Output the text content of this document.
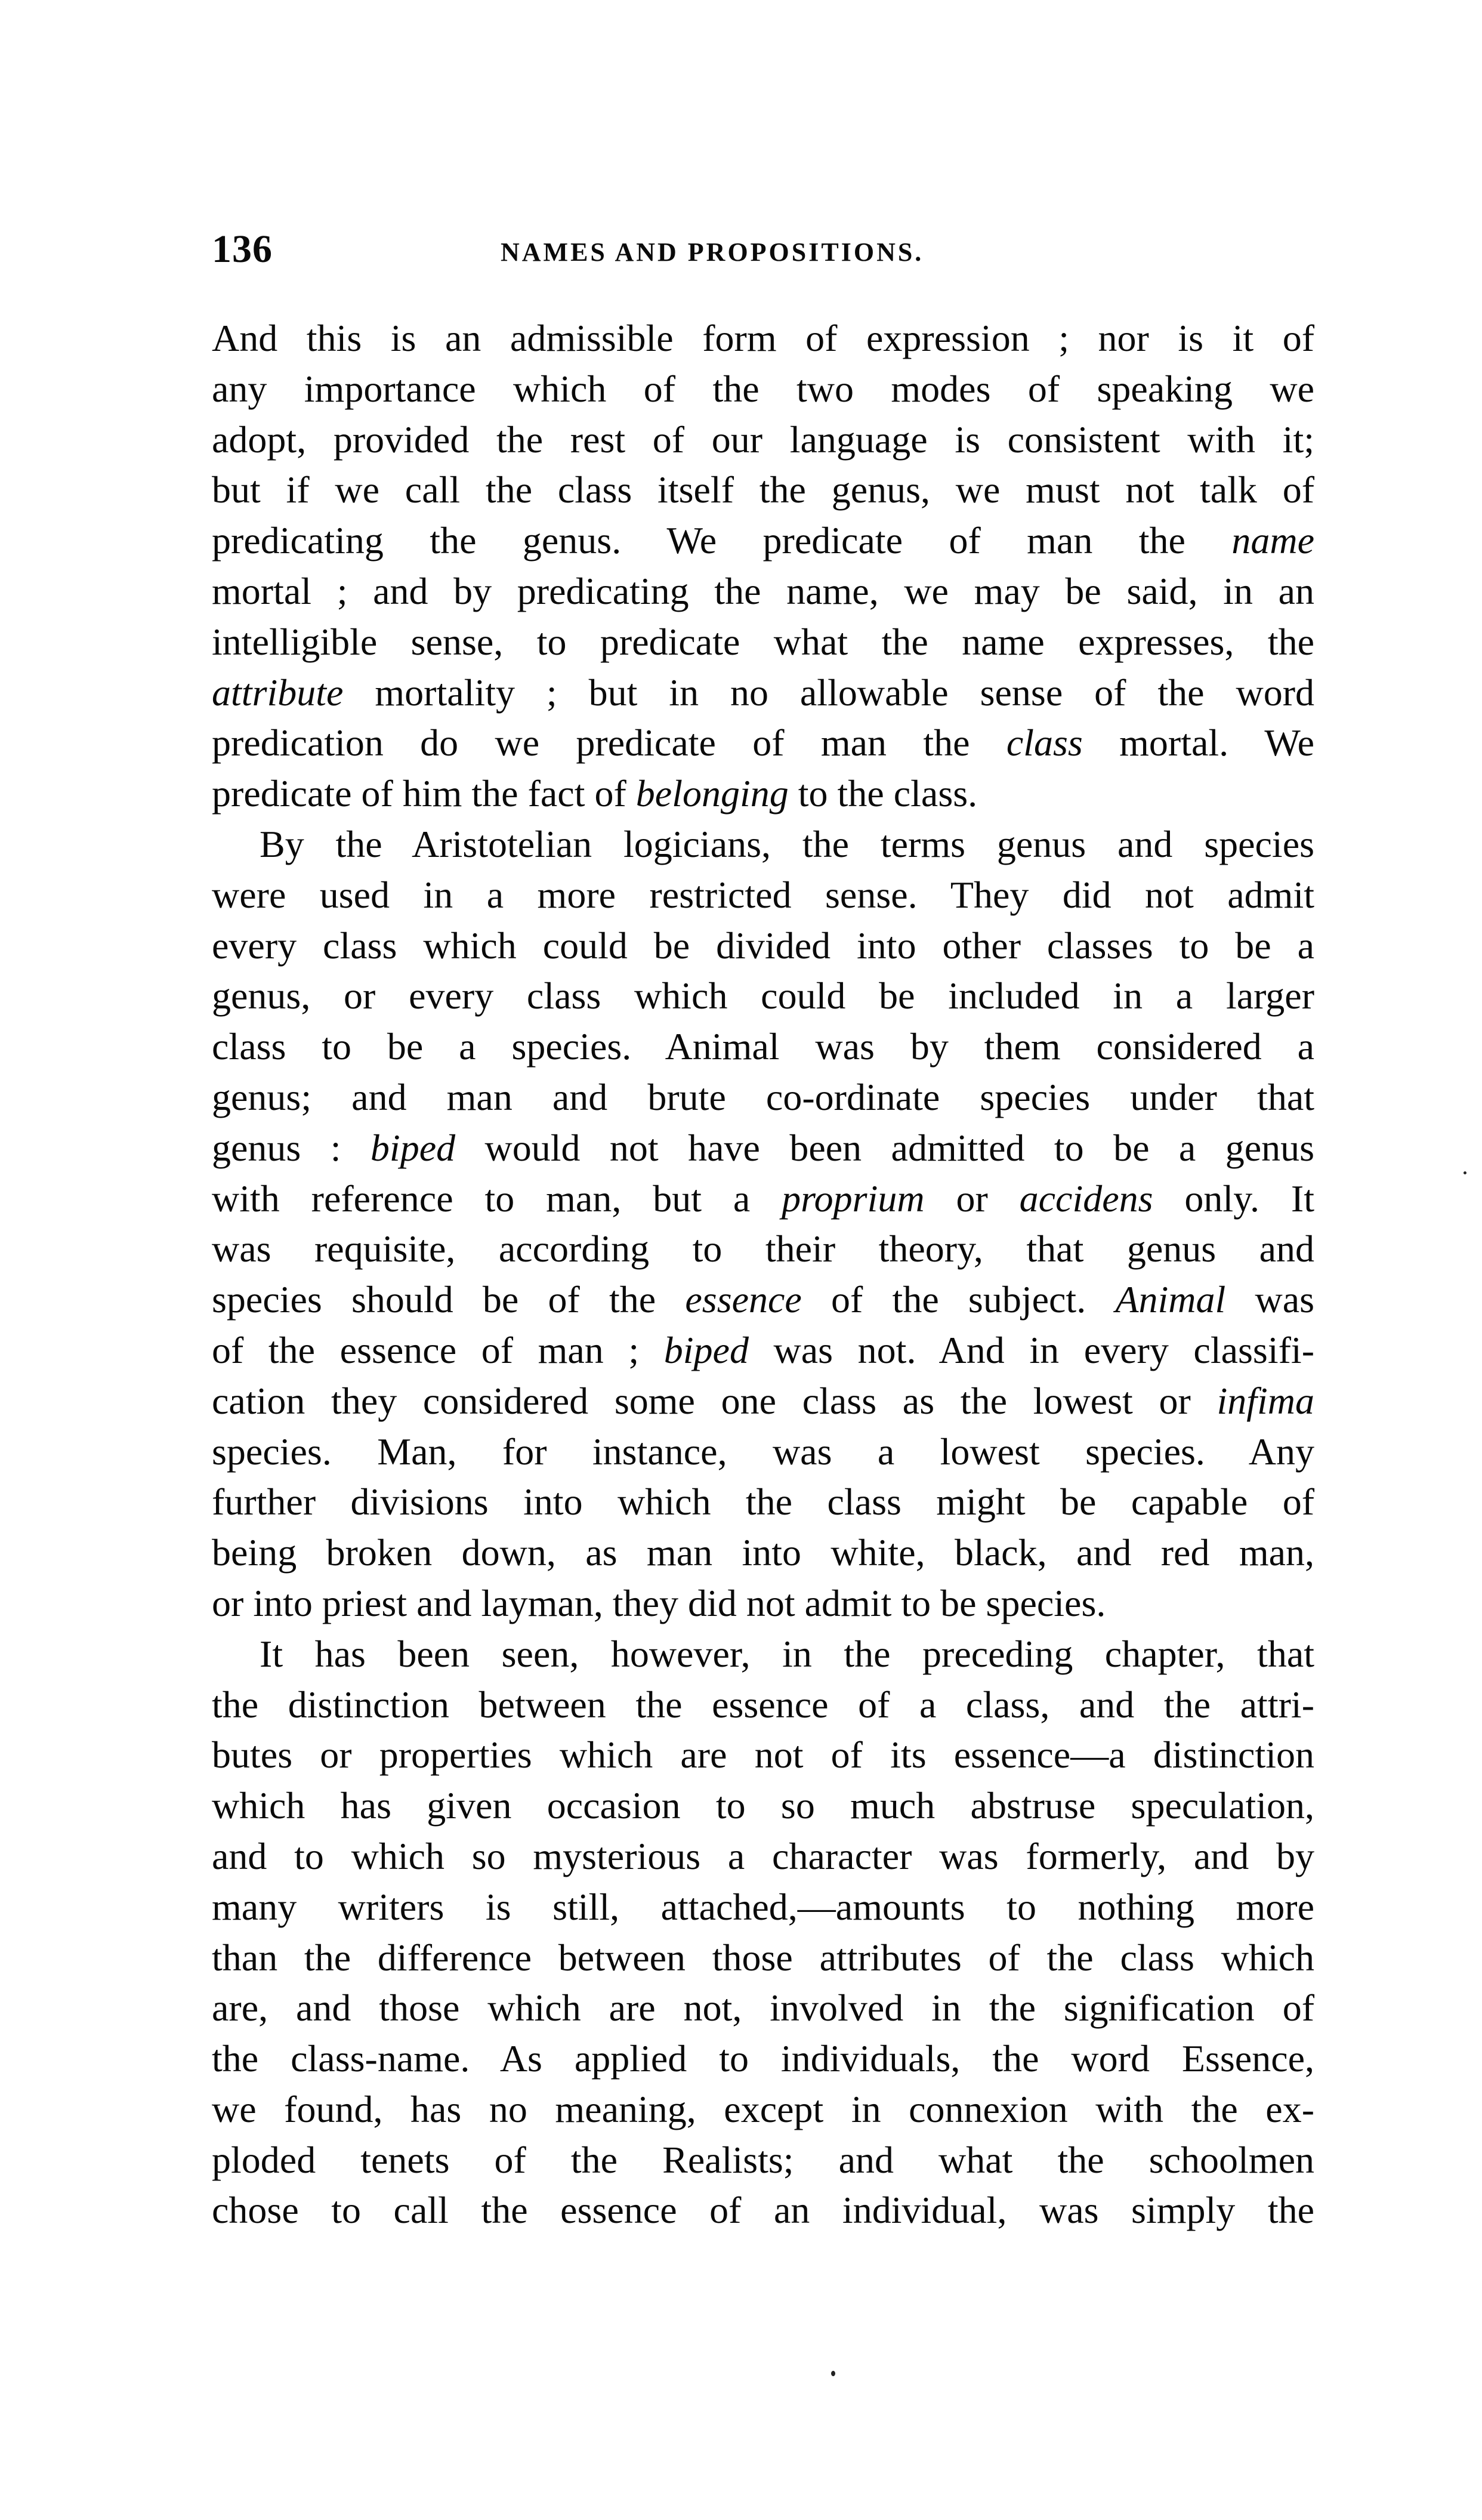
136	NAMES AND PROPOSITIONS.
And this is an admissible form of expression ; nor is it of
any importance which of the two modes of speaking we
adopt, provided the rest of our language is consistent with it;
but if we call the class itself the genus, we must not talk of
predicating the genus. We predicate of man the name
mortal ; and by predicating the name, we may be said, in an
intelligible sense, to predicate what the name expresses, the
attribute mortality ; but in no allowable sense of the word
predication do we predicate of man the class mortal. We
predicate of him the fact of belonging to the class.
By the Aristotelian logicians, the terms genus and species
were used in a more restricted sense. They did not admit
every class which could be divided into other classes to be a
genus, or every class which could be included in a larger
class to be a species. Animal was by them considered a
genus; and man and brute co-ordinate species under that
genus : biped would not have been admitted to be a genus
with reference to man, but a proprium or accidens only. It
was requisite, according to their theory, that genus and
species should be of the essence of the subject. Animal was
of the essence of man ; biped was not. And in every classifi-
cation they considered some one class as the lowest or infima
species. Man, for instance, was a lowest species. Any
further divisions into which the class might be capable of
being broken down, as man into white, black, and red man,
or into priest and layman, they did not admit to be species.
It has been seen, however, in the preceding chapter, that
the distinction between the essence of a class, and the attri-
butes or properties which are not of its essence—a distinction
which has given occasion to so much abstruse speculation,
and to which so mysterious a character was formerly, and by
many writers is still, attached,—amounts to nothing more
than the difference between those attributes of the class which
are, and those which are not, involved in the signification of
the class-name. As applied to individuals, the word Essence,
we found, has no meaning, except in connexion with the ex-
ploded tenets of the Realists; and what the schoolmen
chose to call the essence of an individual, was simply the
